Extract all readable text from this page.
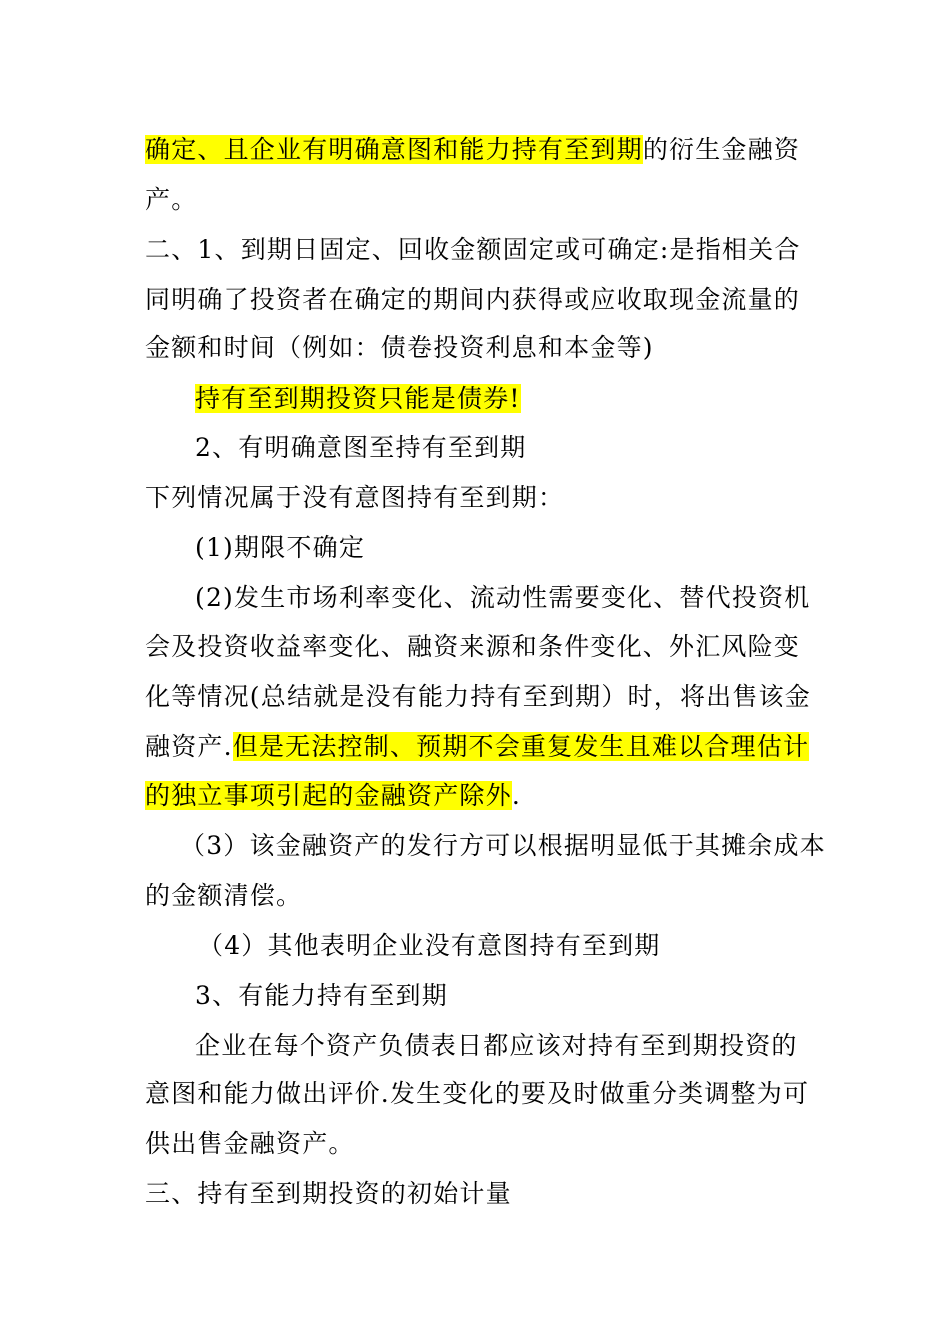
确定、且企业有明确意图和能力持有至到期的衍生金融资
产。
二、1、到期日固定、回收金额固定或可确定:是指相关合
同明确了投资者在确定的期间内获得或应收取现金流量的
金额和时间（例如：债卷投资利息和本金等)
持有至到期投资只能是债券!
2、有明确意图至持有至到期
下列情况属于没有意图持有至到期：
(1)期限不确定
(2)发生市场利率变化、流动性需要变化、替代投资机
会及投资收益率变化、融资来源和条件变化、外汇风险变
化等情况(总结就是没有能力持有至到期）时，将出售该金
融资产.但是无法控制、预期不会重复发生且难以合理估计
的独立事项引起的金融资产除外.
（3）该金融资产的发行方可以根据明显低于其摊余成本
的金额清偿。
（4）其他表明企业没有意图持有至到期
3、有能力持有至到期
企业在每个资产负债表日都应该对持有至到期投资的
意图和能力做出评价.发生变化的要及时做重分类调整为可
供出售金融资产。
三、持有至到期投资的初始计量
